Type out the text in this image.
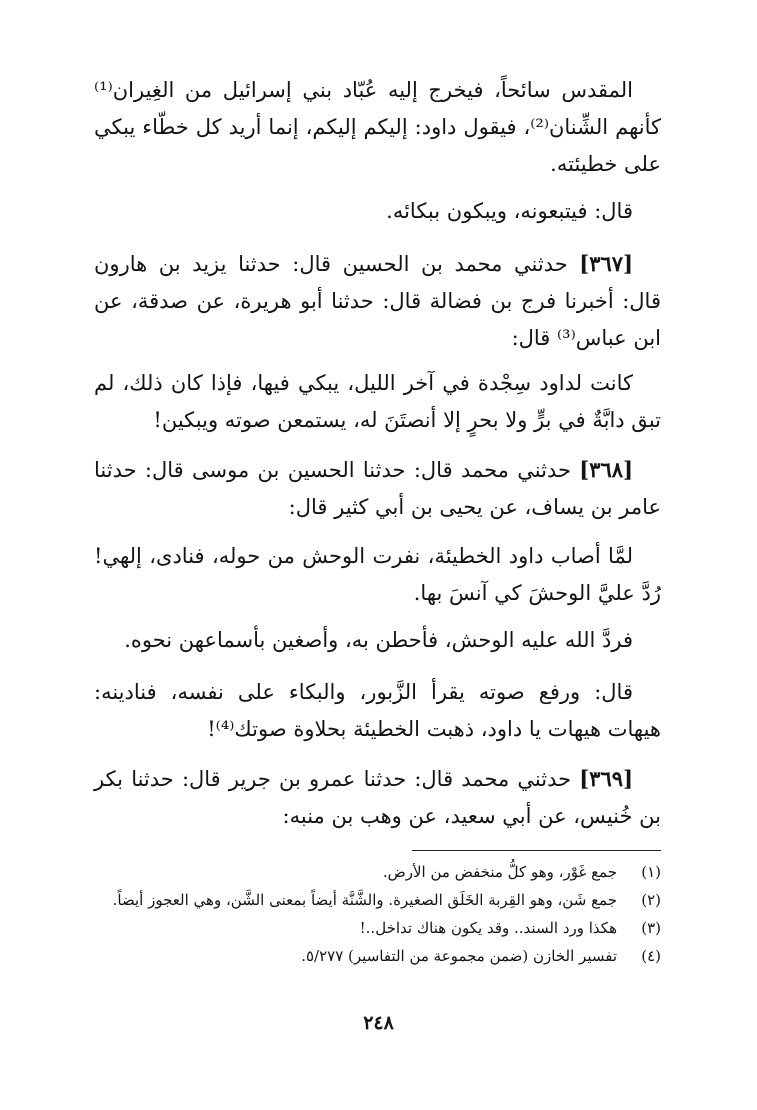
المقدس سائحاً، فيخرج إليه عُبّاد بني إسرائيل من الغِيران⁽¹⁾ كأنهم الشِّنان⁽²⁾، فيقول داود: إليكم إليكم، إنما أريد كل خطّاء يبكي على خطيئته.

قال: فيتبعونه، ويبكون ببكائه.

[٣٦٧] حدثني محمد بن الحسين قال: حدثنا يزيد بن هارون قال: أخبرنا فرج بن فضالة قال: حدثنا أبو هريرة، عن صدقة، عن ابن عباس⁽³⁾ قال:

كانت لداود سِجْدة في آخر الليل، يبكي فيها، فإذا كان ذلك، لم تبق دابَّةٌ في برٍّ ولا بحرٍ إلا أنصتَنَ له، يستمعن صوته ويبكين!

[٣٦٨] حدثني محمد قال: حدثنا الحسين بن موسى قال: حدثنا عامر بن يساف، عن يحيى بن أبي كثير قال:

لمَّا أصاب داود الخطيئة، نفرت الوحش من حوله، فنادى، إلهي! رُدَّ عليَّ الوحشَ كي آنسَ بها.

فردَّ الله عليه الوحش، فأحطن به، وأصغين بأسماعهن نحوه.

قال: ورفع صوته يقرأ الزَّبور، والبكاء على نفسه، فنادينه: هيهات هيهات يا داود، ذهبت الخطيئة بحلاوة صوتك⁽⁴⁾!

[٣٦٩] حدثني محمد قال: حدثنا عمرو بن جرير قال: حدثنا بكر بن خُنيس، عن أبي سعيد، عن وهب بن منبه:

(١)
جمع غَوْر، وهو كلُّ منخفض من الأرض.
(٢)
جمع شَن، وهو القِربة الخَلَق الصغيرة. والشَّنَّة أيضاً بمعنى الشَّن، وهي العجوز أيضاً.
(٣)
هكذا ورد السند.. وقد يكون هناك تداخل..!
(٤)
تفسير الخازن (ضمن مجموعة من التفاسير) ٥/٢٧٧.
٢٤٨
